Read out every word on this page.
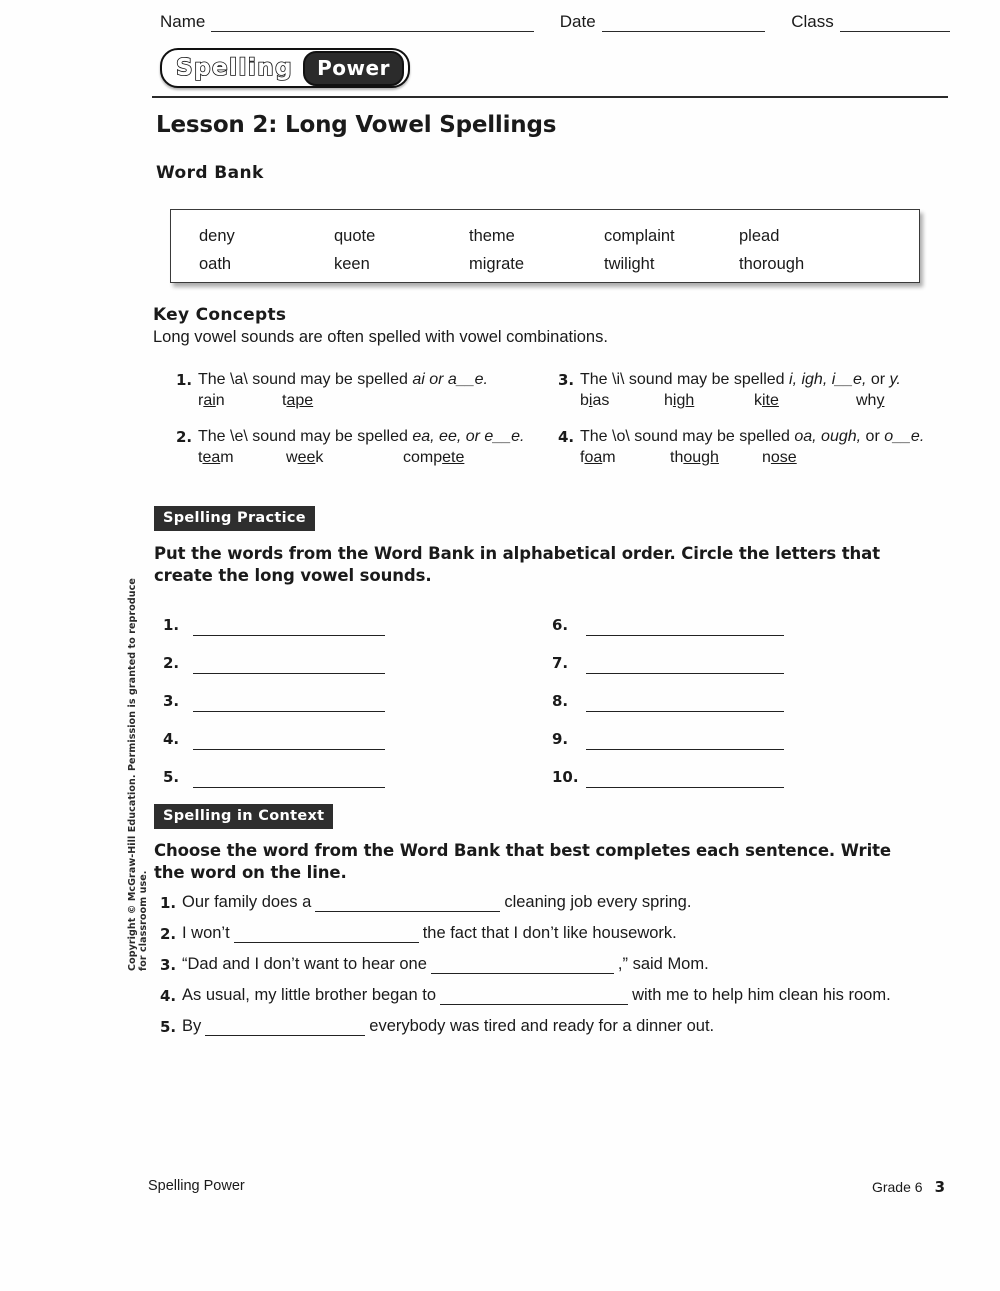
Name	Date	Class
Spelling	Power
Lesson 2: Long Vowel Spellings
Word Bank
deny	quote	theme	complaint	plead
oath	keen	migrate	twilight	thorough
Key Concepts
Long vowel sounds are often spelled with vowel combinations.
1. The \a\ sound may be spelled ai or a__e.
rain	tape
2. The \e\ sound may be spelled ea, ee, or e__e.
team	week	compete
3. The \i\ sound may be spelled i, igh, i__e, or y.
bias	high	kite	why
4. The \o\ sound may be spelled oa, ough, or o__e.
foam	though	nose
Spelling Practice
Put the words from the Word Bank in alphabetical order. Circle the letters that create the long vowel sounds.
1.
2.
3.
4.
5.
6.
7.
8.
9.
10.
Spelling in Context
Choose the word from the Word Bank that best completes each sentence. Write the word on the line.
1. Our family does a	cleaning job every spring.
2. I won’t	the fact that I don’t like housework.
3. “Dad and I don’t want to hear one	,” said Mom.
4. As usual, my little brother began to	with me to help him clean his room.
5. By	everybody was tired and ready for a dinner out.
Copyright © McGraw-Hill Education. Permission is granted to reproduce for classroom use.
Spelling Power	Grade 6 3
